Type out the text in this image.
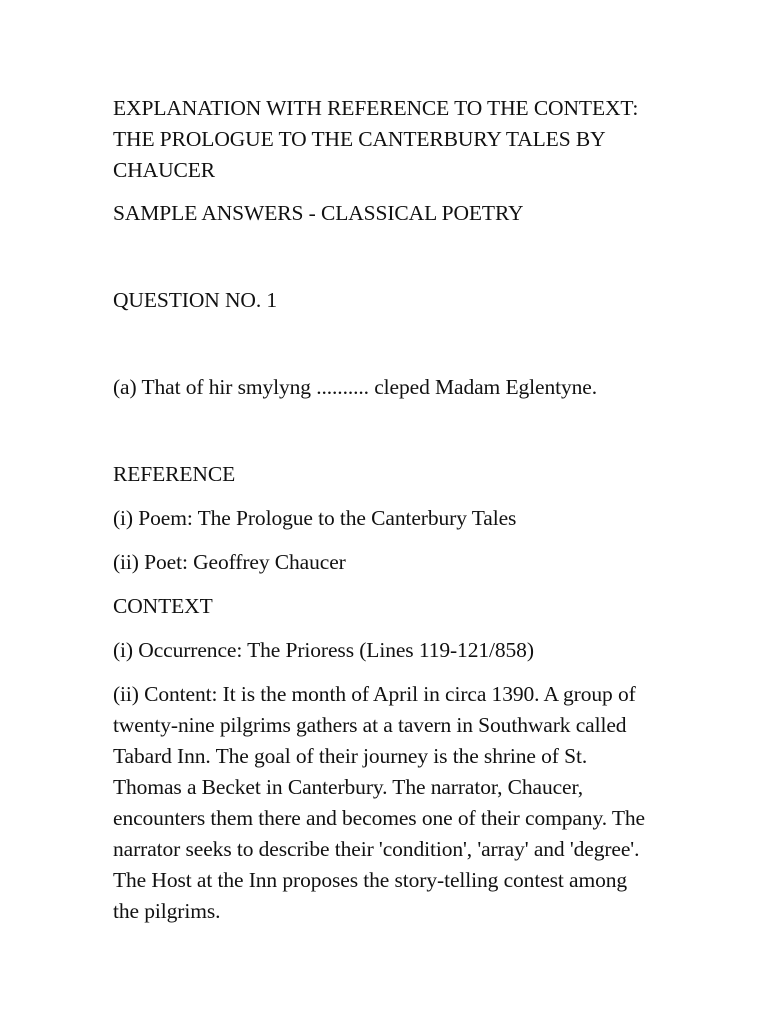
EXPLANATION WITH REFERENCE TO THE CONTEXT: THE PROLOGUE TO THE CANTERBURY TALES BY CHAUCER

SAMPLE ANSWERS - CLASSICAL POETRY

QUESTION NO. 1

(a) That of hir smylyng .......... cleped Madam Eglentyne.

REFERENCE

(i) Poem: The Prologue to the Canterbury Tales

(ii) Poet: Geoffrey Chaucer

CONTEXT

(i) Occurrence: The Prioress (Lines 119-121/858)

(ii) Content: It is the month of April in circa 1390. A group of twenty-nine pilgrims gathers at a tavern in Southwark called Tabard Inn. The goal of their journey is the shrine of St. Thomas a Becket in Canterbury. The narrator, Chaucer, encounters them there and becomes one of their company. The narrator seeks to describe their 'condition', 'array' and 'degree'. The Host at the Inn proposes the story-telling contest among the pilgrims.
